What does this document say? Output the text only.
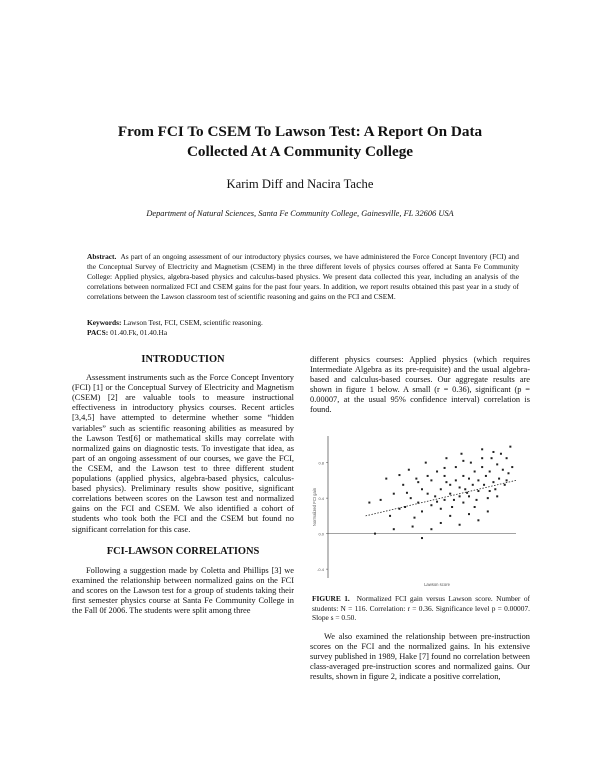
From FCI To CSEM To Lawson Test: A Report On Data
Collected At A Community College
Karim Diff and Nacira Tache
Department of Natural Sciences, Santa Fe Community College, Gainesville, FL 32606 USA
Abstract. As part of an ongoing assessment of our introductory physics courses, we have administered the Force Concept Inventory (FCI) and the Conceptual Survey of Electricity and Magnetism (CSEM) in the three different levels of physics courses offered at Santa Fe Community College: Applied physics, algebra-based physics and calculus-based physics. We present data collected this year, including an analysis of the correlations between normalized FCI and CSEM gains for the past four years. In addition, we report results obtained this past year in a study of correlations between the Lawson classroom test of scientific reasoning and gains on the FCI and CSEM.
Keywords: Lawson Test, FCI, CSEM, scientific reasoning.
PACS: 01.40.Fk, 01.40.Ha

INTRODUCTION

Assessment instruments such as the Force Concept Inventory (FCI) [1] or the Conceptual Survey of Electricity and Magnetism (CSEM) [2] are valuable tools to measure instructional effectiveness in introductory physics courses. Recent articles [3,4,5] have attempted to determine whether some “hidden variables” such as scientific reasoning abilities as measured by the Lawson Test[6] or mathematical skills may correlate with normalized gains on diagnostic tests. To investigate that idea, as part of an ongoing assessment of our courses, we gave the FCI, the CSEM, and the Lawson test to three different student populations (applied physics, algebra-based physics, calculus-based physics). Preliminary results show positive, significant correlations between scores on the Lawson test and normalized gains on the FCI and CSEM. We also identified a cohort of students who took both the FCI and the CSEM but found no significant correlation for this case.

FCI-LAWSON CORRELATIONS

Following a suggestion made by Coletta and Phillips [3] we examined the relationship between normalized gains on the FCI and scores on the Lawson test for a group of students taking their first semester physics course at Santa Fe Community College in the Fall 0f 2006. The students were split among three

different physics courses: Applied physics (which requires Intermediate Algebra as its pre-requisite) and the usual algebra-based and calculus-based courses. Our aggregate results are shown in figure 1 below. A small (r = 0.36), significant (p = 0.00007, at the usual 95% confidence interval) correlation is found.

-0.4
0.0
0.4
0.8
Normalized FCI gain
Lawson score
FIGURE 1. Normalized FCI gain versus Lawson score. Number of students: N = 116. Correlation: r = 0.36. Significance level p = 0.00007. Slope s = 0.50.

We also examined the relationship between pre-instruction scores on the FCI and the normalized gains. In his extensive survey published in 1989, Hake [7] found no correlation between class-averaged pre-instruction scores and normalized gains. Our results, shown in figure 2, indicate a positive correlation,
